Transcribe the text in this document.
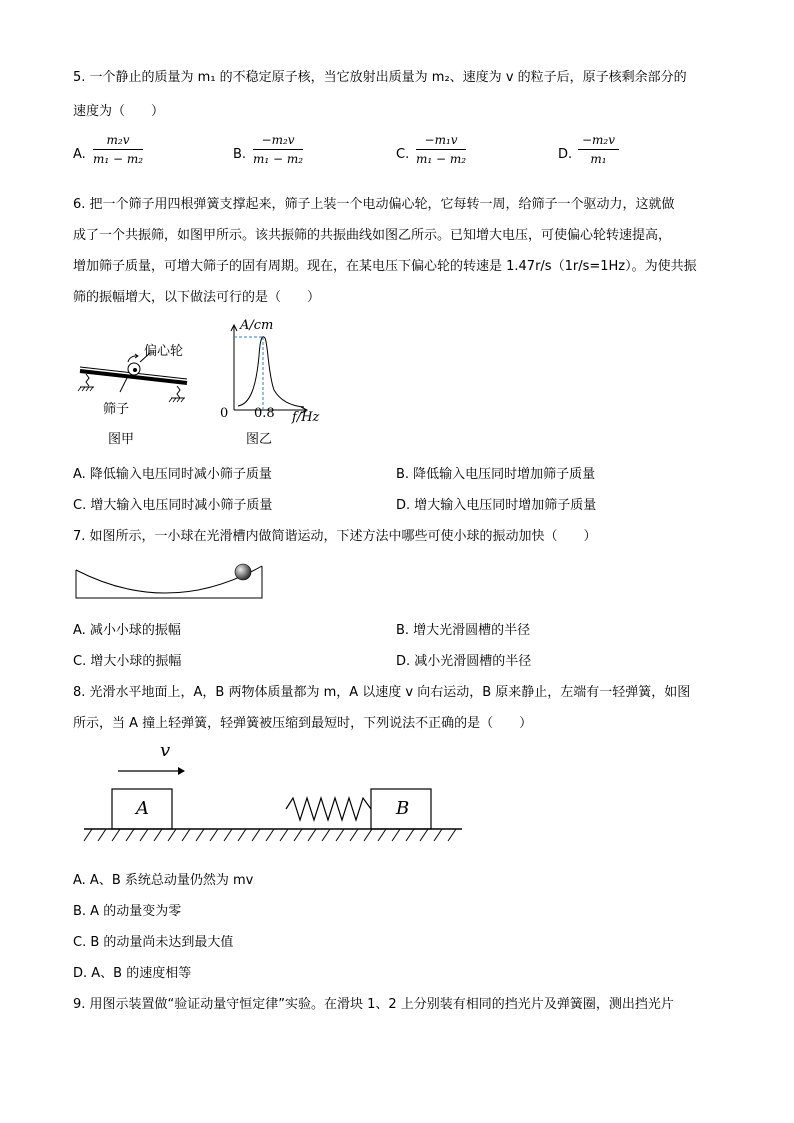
5. 一个静止的质量为 m₁ 的不稳定原子核，当它放射出质量为 m₂、速度为 v 的粒子后，原子核剩余部分的
速度为（　　）
A. $\frac{\text{m₂v}}{\text{m₁ − m₂}}$	B. $\frac{\text{−m₂v}}{\text{m₁ − m₂}}$	C. $\frac{\text{−m₁v}}{\text{m₁ − m₂}}$	D. $\frac{\text{−m₂v}}{\text{m₁}}$
6. 把一个筛子用四根弹簧支撑起来，筛子上装一个电动偏心轮，它每转一周，给筛子一个驱动力，这就做
成了一个共振筛，如图甲所示。该共振筛的共振曲线如图乙所示。已知增大电压，可使偏心轮转速提高，
增加筛子质量，可增大筛子的固有周期。现在，在某电压下偏心轮的转速是 1.47r/s（1r/s=1Hz）。为使共振
筛的振幅增大，以下做法可行的是（　　）
偏心轮
筛子
图甲
A/cm
0 0.8 f/Hz
图乙
A. 降低输入电压同时减小筛子质量	B. 降低输入电压同时增加筛子质量
C. 增大输入电压同时减小筛子质量	D. 增大输入电压同时增加筛子质量
7. 如图所示，一小球在光滑槽内做简谐运动，下述方法中哪些可使小球的振动加快（　　）
A. 减小小球的振幅	B. 增大光滑圆槽的半径
C. 增大小球的振幅	D. 减小光滑圆槽的半径
8. 光滑水平地面上，A，B 两物体质量都为 m，A 以速度 v 向右运动，B 原来静止，左端有一轻弹簧，如图
所示，当 A 撞上轻弹簧，轻弹簧被压缩到最短时，下列说法不正确的是（　　）
v
A	B
A. A、B 系统总动量仍然为 mv
B. A 的动量变为零
C. B 的动量尚未达到最大值
D. A、B 的速度相等
9. 用图示装置做“验证动量守恒定律”实验。在滑块 1、2 上分别装有相同的挡光片及弹簧圈，测出挡光片
